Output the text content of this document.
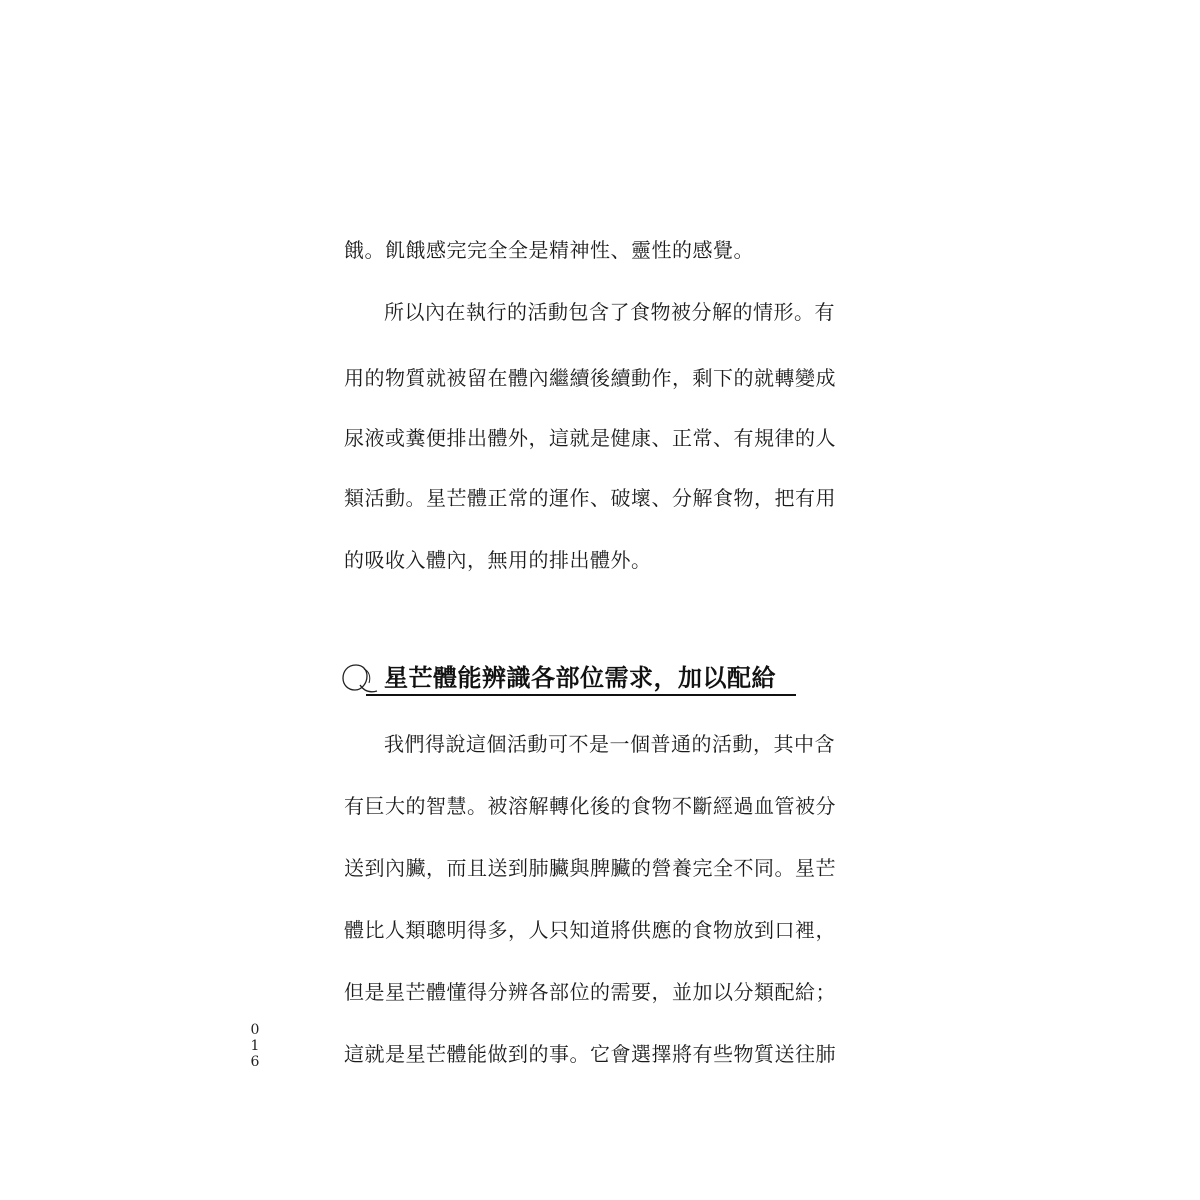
餓。飢餓感完完全全是精神性、靈性的感覺。
所以內在執行的活動包含了食物被分解的情形。有
用的物質就被留在體內繼續後續動作，剩下的就轉變成
尿液或糞便排出體外，這就是健康、正常、有規律的人
類活動。星芒體正常的運作、破壞、分解食物，把有用
的吸收入體內，無用的排出體外。
星芒體能辨識各部位需求，加以配給
我們得說這個活動可不是一個普通的活動，其中含
有巨大的智慧。被溶解轉化後的食物不斷經過血管被分
送到內臟，而且送到肺臟與脾臟的營養完全不同。星芒
體比人類聰明得多，人只知道將供應的食物放到口裡，
但是星芒體懂得分辨各部位的需要，並加以分類配給；
這就是星芒體能做到的事。它會選擇將有些物質送往肺
0
1
6
